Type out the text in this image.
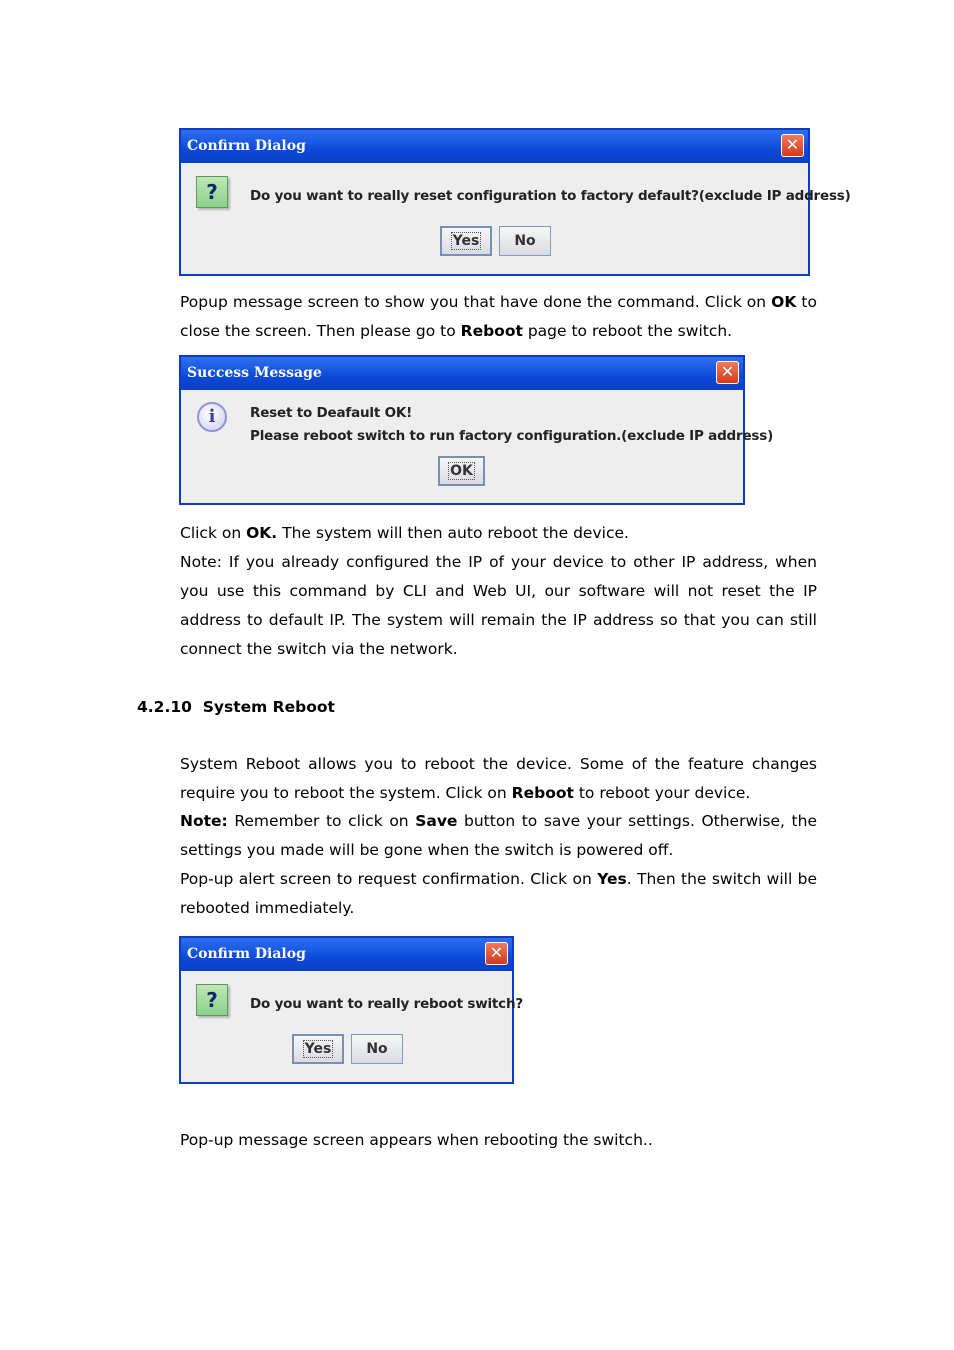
Confirm Dialog	✕
?	Do you want to really reset configuration to factory default?(exclude IP address)
Yes	No

Popup message screen to show you that have done the command. Click on OK to close the screen. Then please go to Reboot page to reboot the switch.

Success Message	✕
i	Reset to Deafault OK!
Please reboot switch to run factory configuration.(exclude IP address)
OK

Click on OK. The system will then auto reboot the device.

Note: If you already configured the IP of your device to other IP address, when you use this command by CLI and Web UI, our software will not reset the IP address to default IP. The system will remain the IP address so that you can still connect the switch via the network.

4.2.10  System Reboot

System Reboot allows you to reboot the device. Some of the feature changes require you to reboot the system. Click on Reboot to reboot your device.

Note: Remember to click on Save button to save your settings. Otherwise, the settings you made will be gone when the switch is powered off.

Pop-up alert screen to request confirmation. Click on Yes. Then the switch will be rebooted immediately.

Confirm Dialog	✕
?	Do you want to really reboot switch?
Yes	No

Pop-up message screen appears when rebooting the switch..
